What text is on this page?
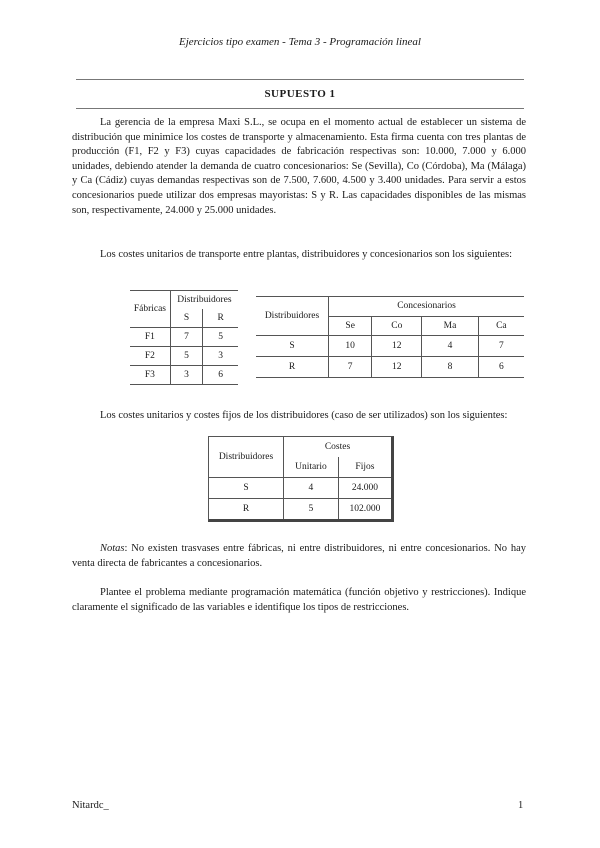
Ejercicios tipo examen - Tema 3 - Programación lineal
SUPUESTO 1

La gerencia de la empresa Maxi S.L., se ocupa en el momento actual de establecer un sistema de distribución que minimice los costes de transporte y almacenamiento. Esta firma cuenta con tres plantas de producción (F1, F2 y F3) cuyas capacidades de fabricación respectivas son: 10.000, 7.000 y 6.000 unidades, debiendo atender la demanda de cuatro concesionarios: Se (Sevilla), Co (Córdoba), Ma (Málaga) y Ca (Cádiz) cuyas demandas respectivas son de 7.500, 7.600, 4.500 y 3.400 unidades. Para servir a estos concesionarios puede utilizar dos empresas mayoristas: S y R. Las capacidades disponibles de las mismas son, respectivamente, 24.000 y 25.000 unidades.

Los costes unitarios de transporte entre plantas, distribuidores y concesionarios son los siguientes:

Fábricas	Distribuidores	
	S	R
F1	7	5
F2	5	3
F3	3	6
Distribuidores	Concesionarios			
	Se	Co	Ma	Ca
S	10	12	4	7
R	7	12	8	6

Los costes unitarios y costes fijos de los distribuidores (caso de ser utilizados) son los siguientes:

Distribuidores	Costes	
	Unitario	Fijos
S	4	24.000
R	5	102.000

Notas: No existen trasvases entre fábricas, ni entre distribuidores, ni entre concesionarios. No hay venta directa de fabricantes a concesionarios.

Plantee el problema mediante programación matemática (función objetivo y restricciones). Indique claramente el significado de las variables e identifique los tipos de restricciones.

Nitardc_	1
